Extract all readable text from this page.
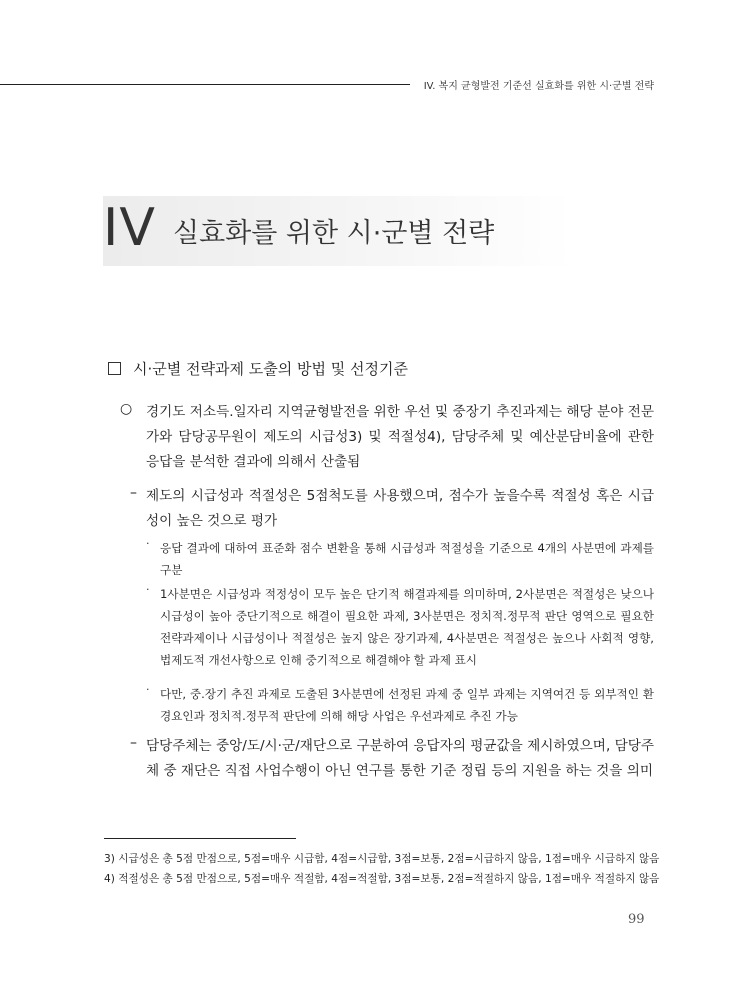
IV. 복지 균형발전 기준선 실효화를 위한 시·군별 전략
IV 실효화를 위한 시·군별 전략
시·군별 전략과제 도출의 방법 및 선정기준
○ 경기도 저소득.일자리 지역균형발전을 위한 우선 및 중장기 추진과제는 해당 분야 전문가와 담당공무원이 제도의 시급성3) 및 적절성4), 담당주체 및 예산분담비율에 관한 응답을 분석한 결과에 의해서 산출됨
– 제도의 시급성과 적절성은 5점척도를 사용했으며, 점수가 높을수록 적절성 혹은 시급성이 높은 것으로 평가
· 응답 결과에 대하여 표준화 점수 변환을 통해 시급성과 적절성을 기준으로 4개의 사분면에 과제를 구분
· 1사분면은 시급성과 적정성이 모두 높은 단기적 해결과제를 의미하며, 2사분면은 적절성은 낮으나 시급성이 높아 중단기적으로 해결이 필요한 과제, 3사분면은 정치적.정무적 판단 영역으로 필요한 전략과제이나 시급성이나 적절성은 높지 않은 장기과제, 4사분면은 적절성은 높으나 사회적 영향, 법제도적 개선사항으로 인해 중기적으로 해결해야 할 과제 표시
· 다만, 중.장기 추진 과제로 도출된 3사분면에 선정된 과제 중 일부 과제는 지역여건 등 외부적인 환경요인과 정치적.정무적 판단에 의해 해당 사업은 우선과제로 추진 가능
– 담당주체는 중앙/도/시·군/재단으로 구분하여 응답자의 평균값을 제시하였으며, 담당주체 중 재단은 직접 사업수행이 아닌 연구를 통한 기준 정립 등의 지원을 하는 것을 의미
3) 시급성은 총 5점 만점으로, 5점=매우 시급함, 4점=시급함, 3점=보통, 2점=시급하지 않음, 1점=매우 시급하지 않음
4) 적절성은 총 5점 만점으로, 5점=매우 적절함, 4점=적절함, 3점=보통, 2점=적절하지 않음, 1점=매우 적절하지 않음
99
